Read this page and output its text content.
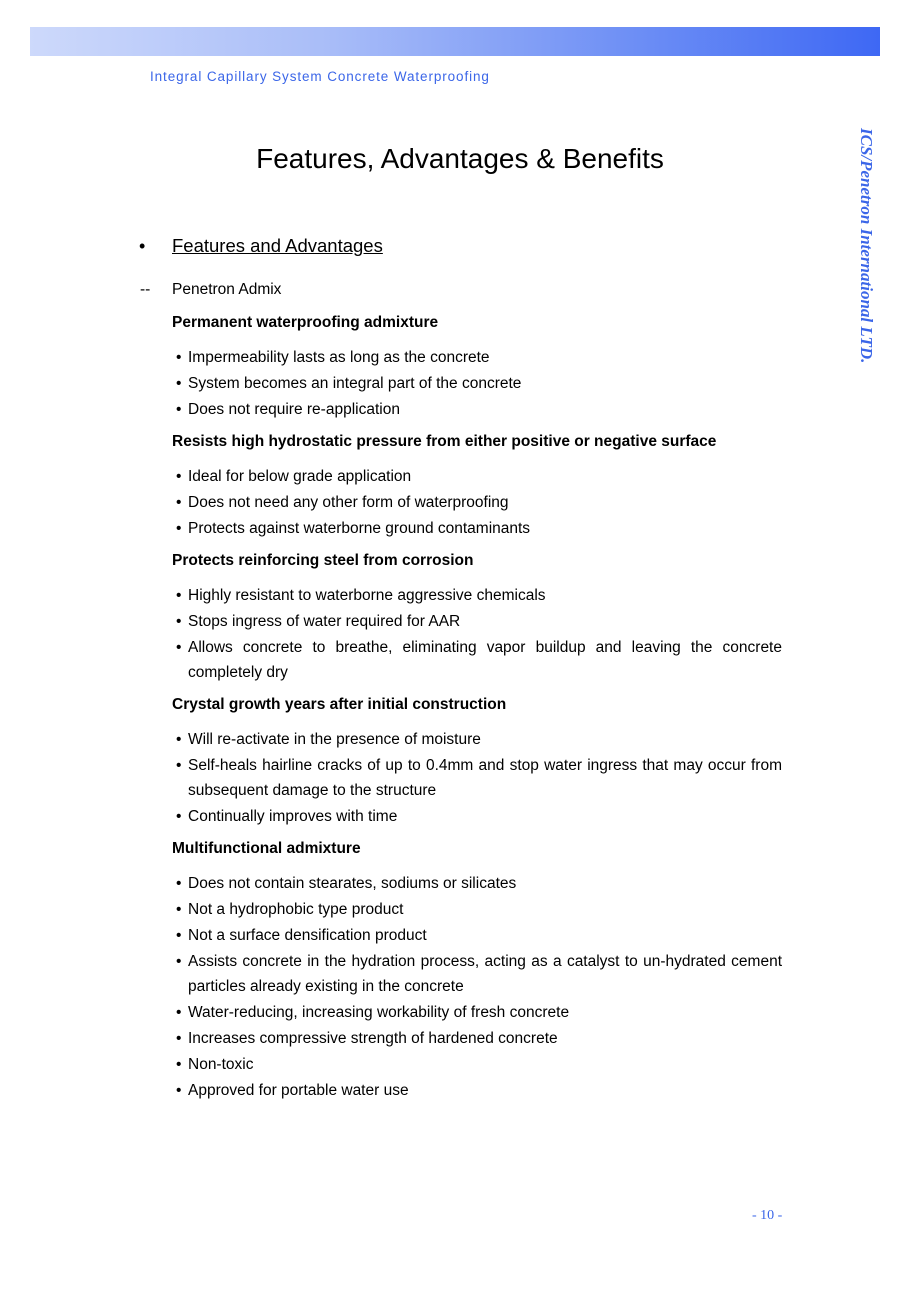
Integral Capillary System Concrete Waterproofing
ICS/Penetron International LTD.
Features, Advantages & Benefits
• Features and Advantages
-- Penetron Admix
Permanent waterproofing admixture
• Impermeability lasts as long as the concrete
• System becomes an integral part of the concrete
• Does not require re-application
Resists high hydrostatic pressure from either positive or negative surface
• Ideal for below grade application
• Does not need any other form of waterproofing
• Protects against waterborne ground contaminants
Protects reinforcing steel from corrosion
• Highly resistant to waterborne aggressive chemicals
• Stops ingress of water required for AAR
• Allows concrete to breathe, eliminating vapor buildup and leaving the concrete completely dry
Crystal growth years after initial construction
• Will re-activate in the presence of moisture
• Self-heals hairline cracks of up to 0.4mm and stop water ingress that may occur from subsequent damage to the structure
• Continually improves with time
Multifunctional admixture
• Does not contain stearates, sodiums or silicates
• Not a hydrophobic type product
• Not a surface densification product
• Assists concrete in the hydration process, acting as a catalyst to un-hydrated cement particles already existing in the concrete
• Water-reducing, increasing workability of fresh concrete
• Increases compressive strength of hardened concrete
• Non-toxic
• Approved for portable water use
- 10 -
